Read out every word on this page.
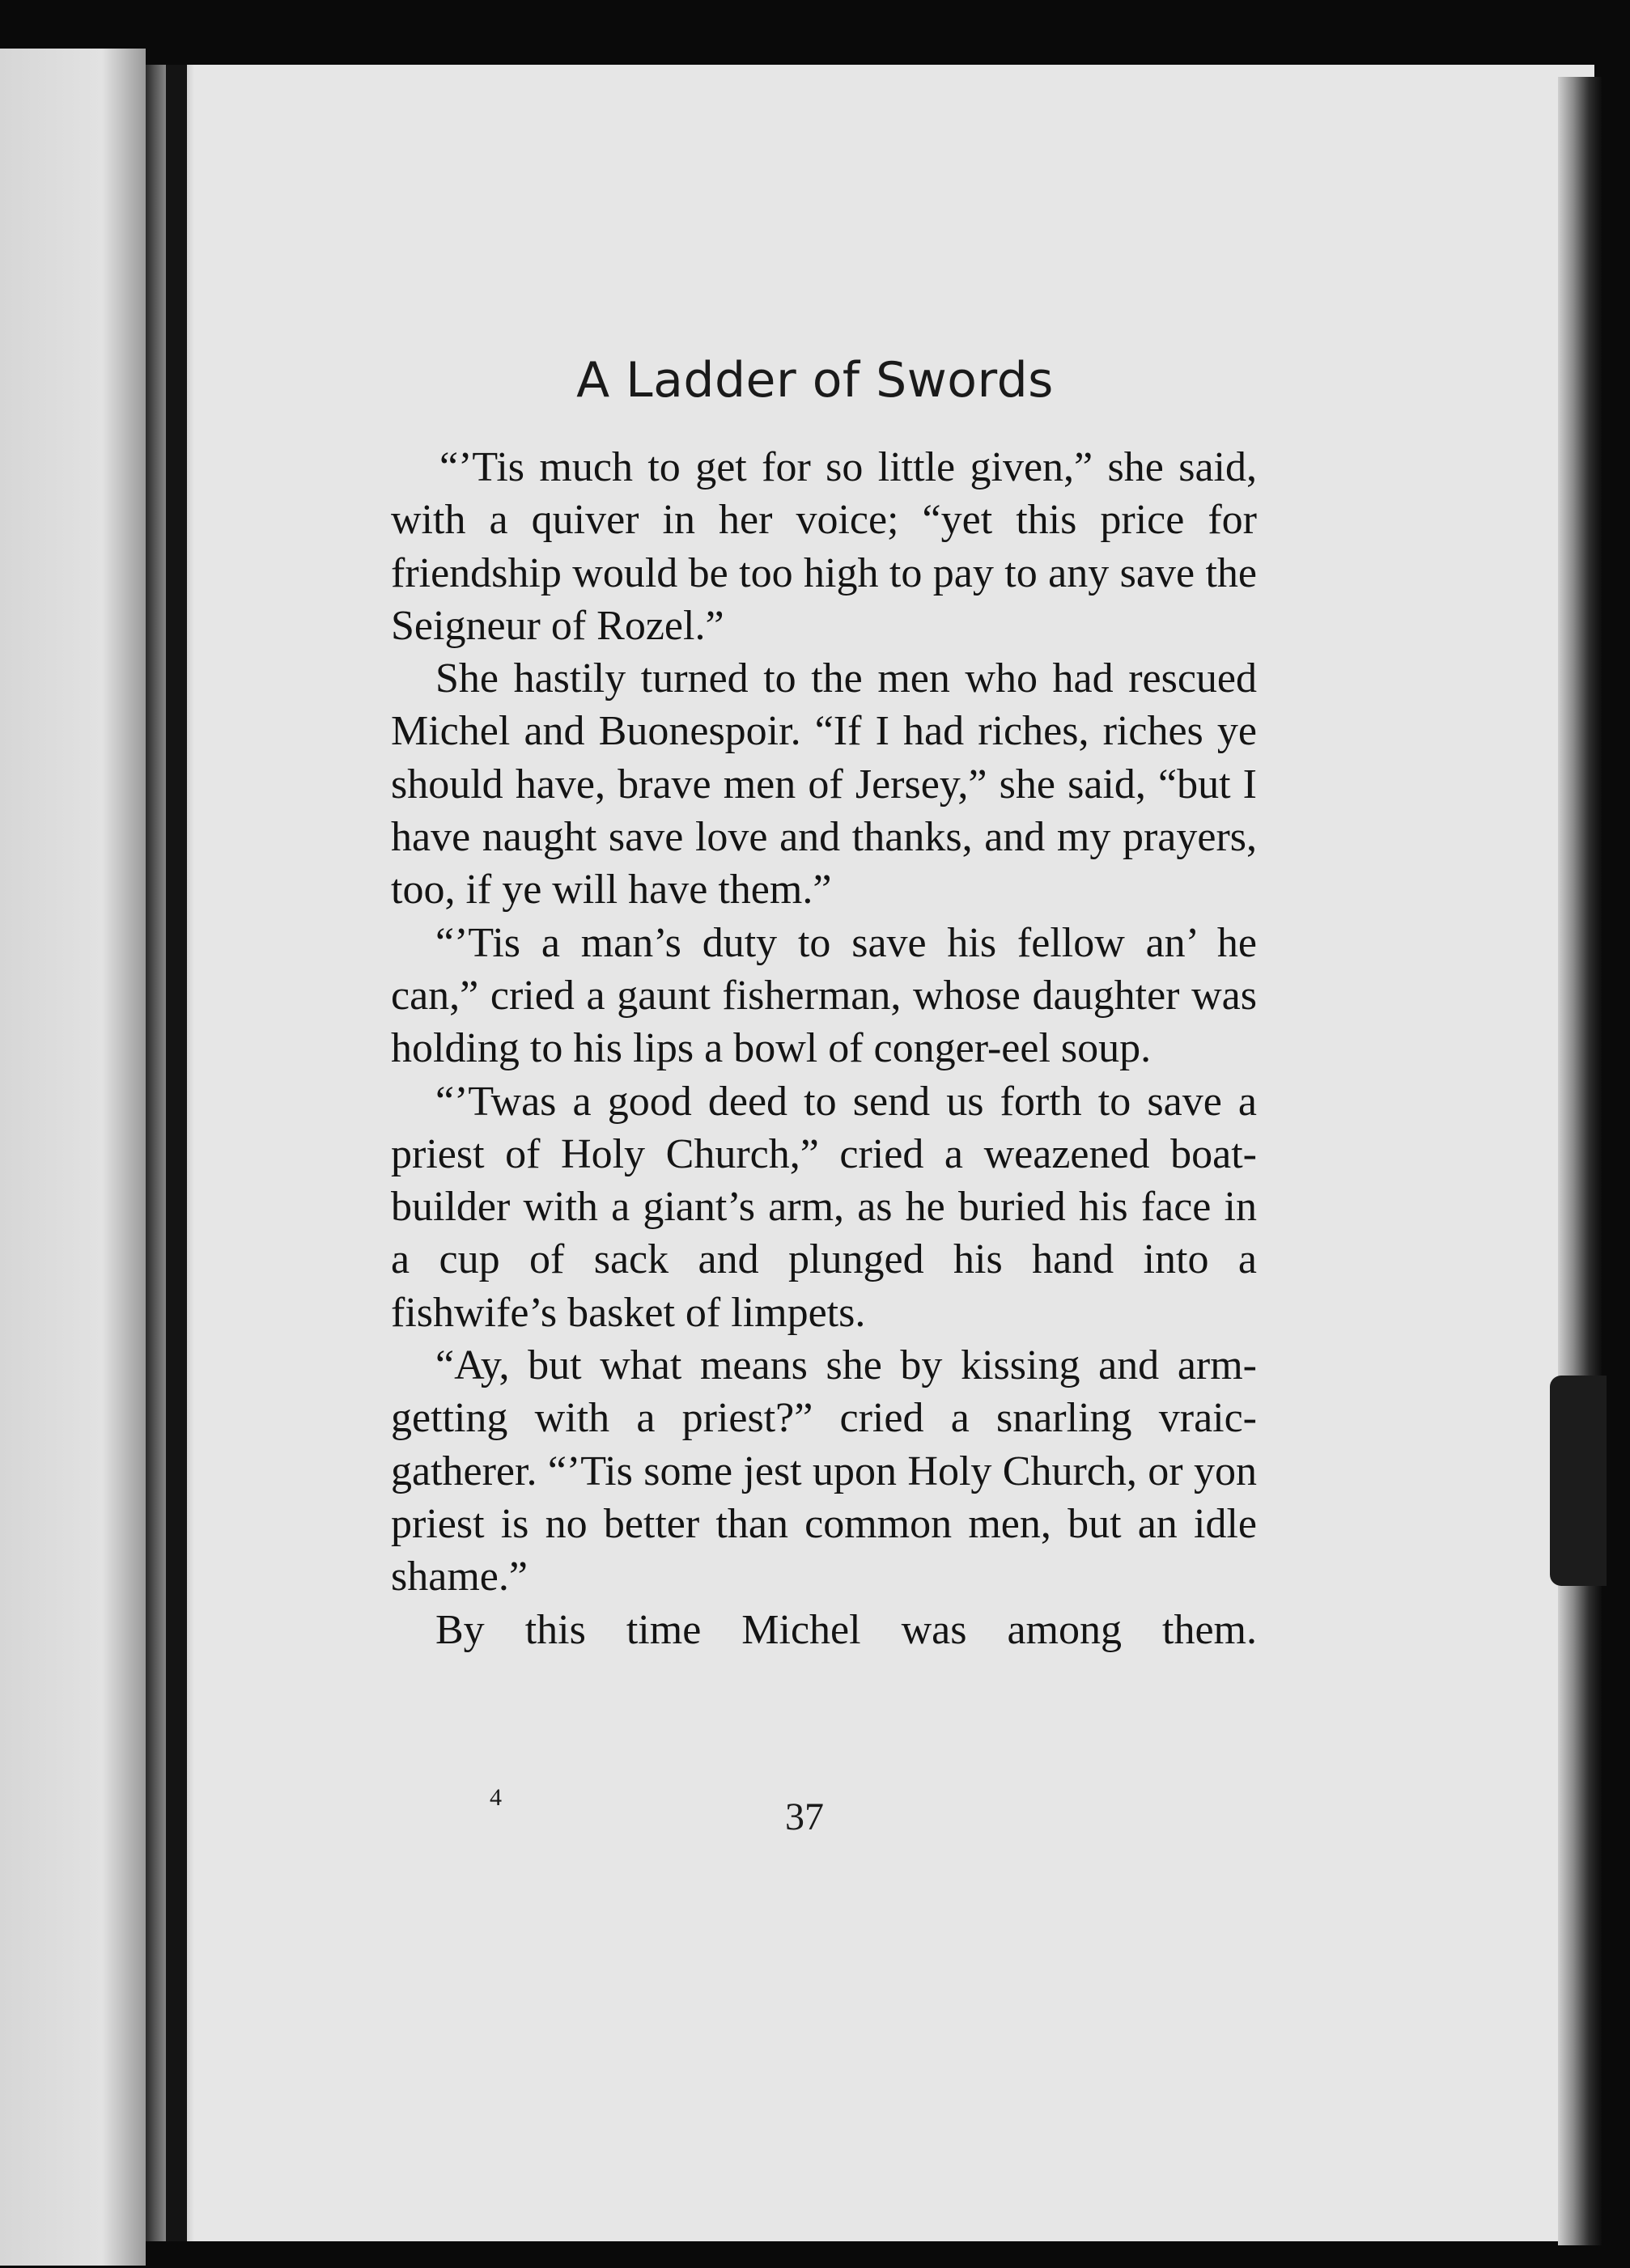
A Ladder of Swords

“’Tis much to get for so little given,” she said, with a quiver in her voice; “yet this price for friendship would be too high to pay to any save the Seigneur of Rozel.”

She hastily turned to the men who had rescued Michel and Buonespoir. “If I had riches, riches ye should have, brave men of Jersey,” she said, “but I have naught save love and thanks, and my prayers, too, if ye will have them.”

“’Tis a man’s duty to save his fellow an’ he can,” cried a gaunt fisherman, whose daughter was holding to his lips a bowl of conger-eel soup.

“’Twas a good deed to send us forth to save a priest of Holy Church,” cried a weazened boat-builder with a giant’s arm, as he buried his face in a cup of sack and plunged his hand into a fishwife’s basket of limpets.

“Ay, but what means she by kissing and arm-getting with a priest?” cried a snarling vraic-gatherer. “’Tis some jest upon Holy Church, or yon priest is no better than common men, but an idle shame.”

By this time Michel was among them.

4	37
